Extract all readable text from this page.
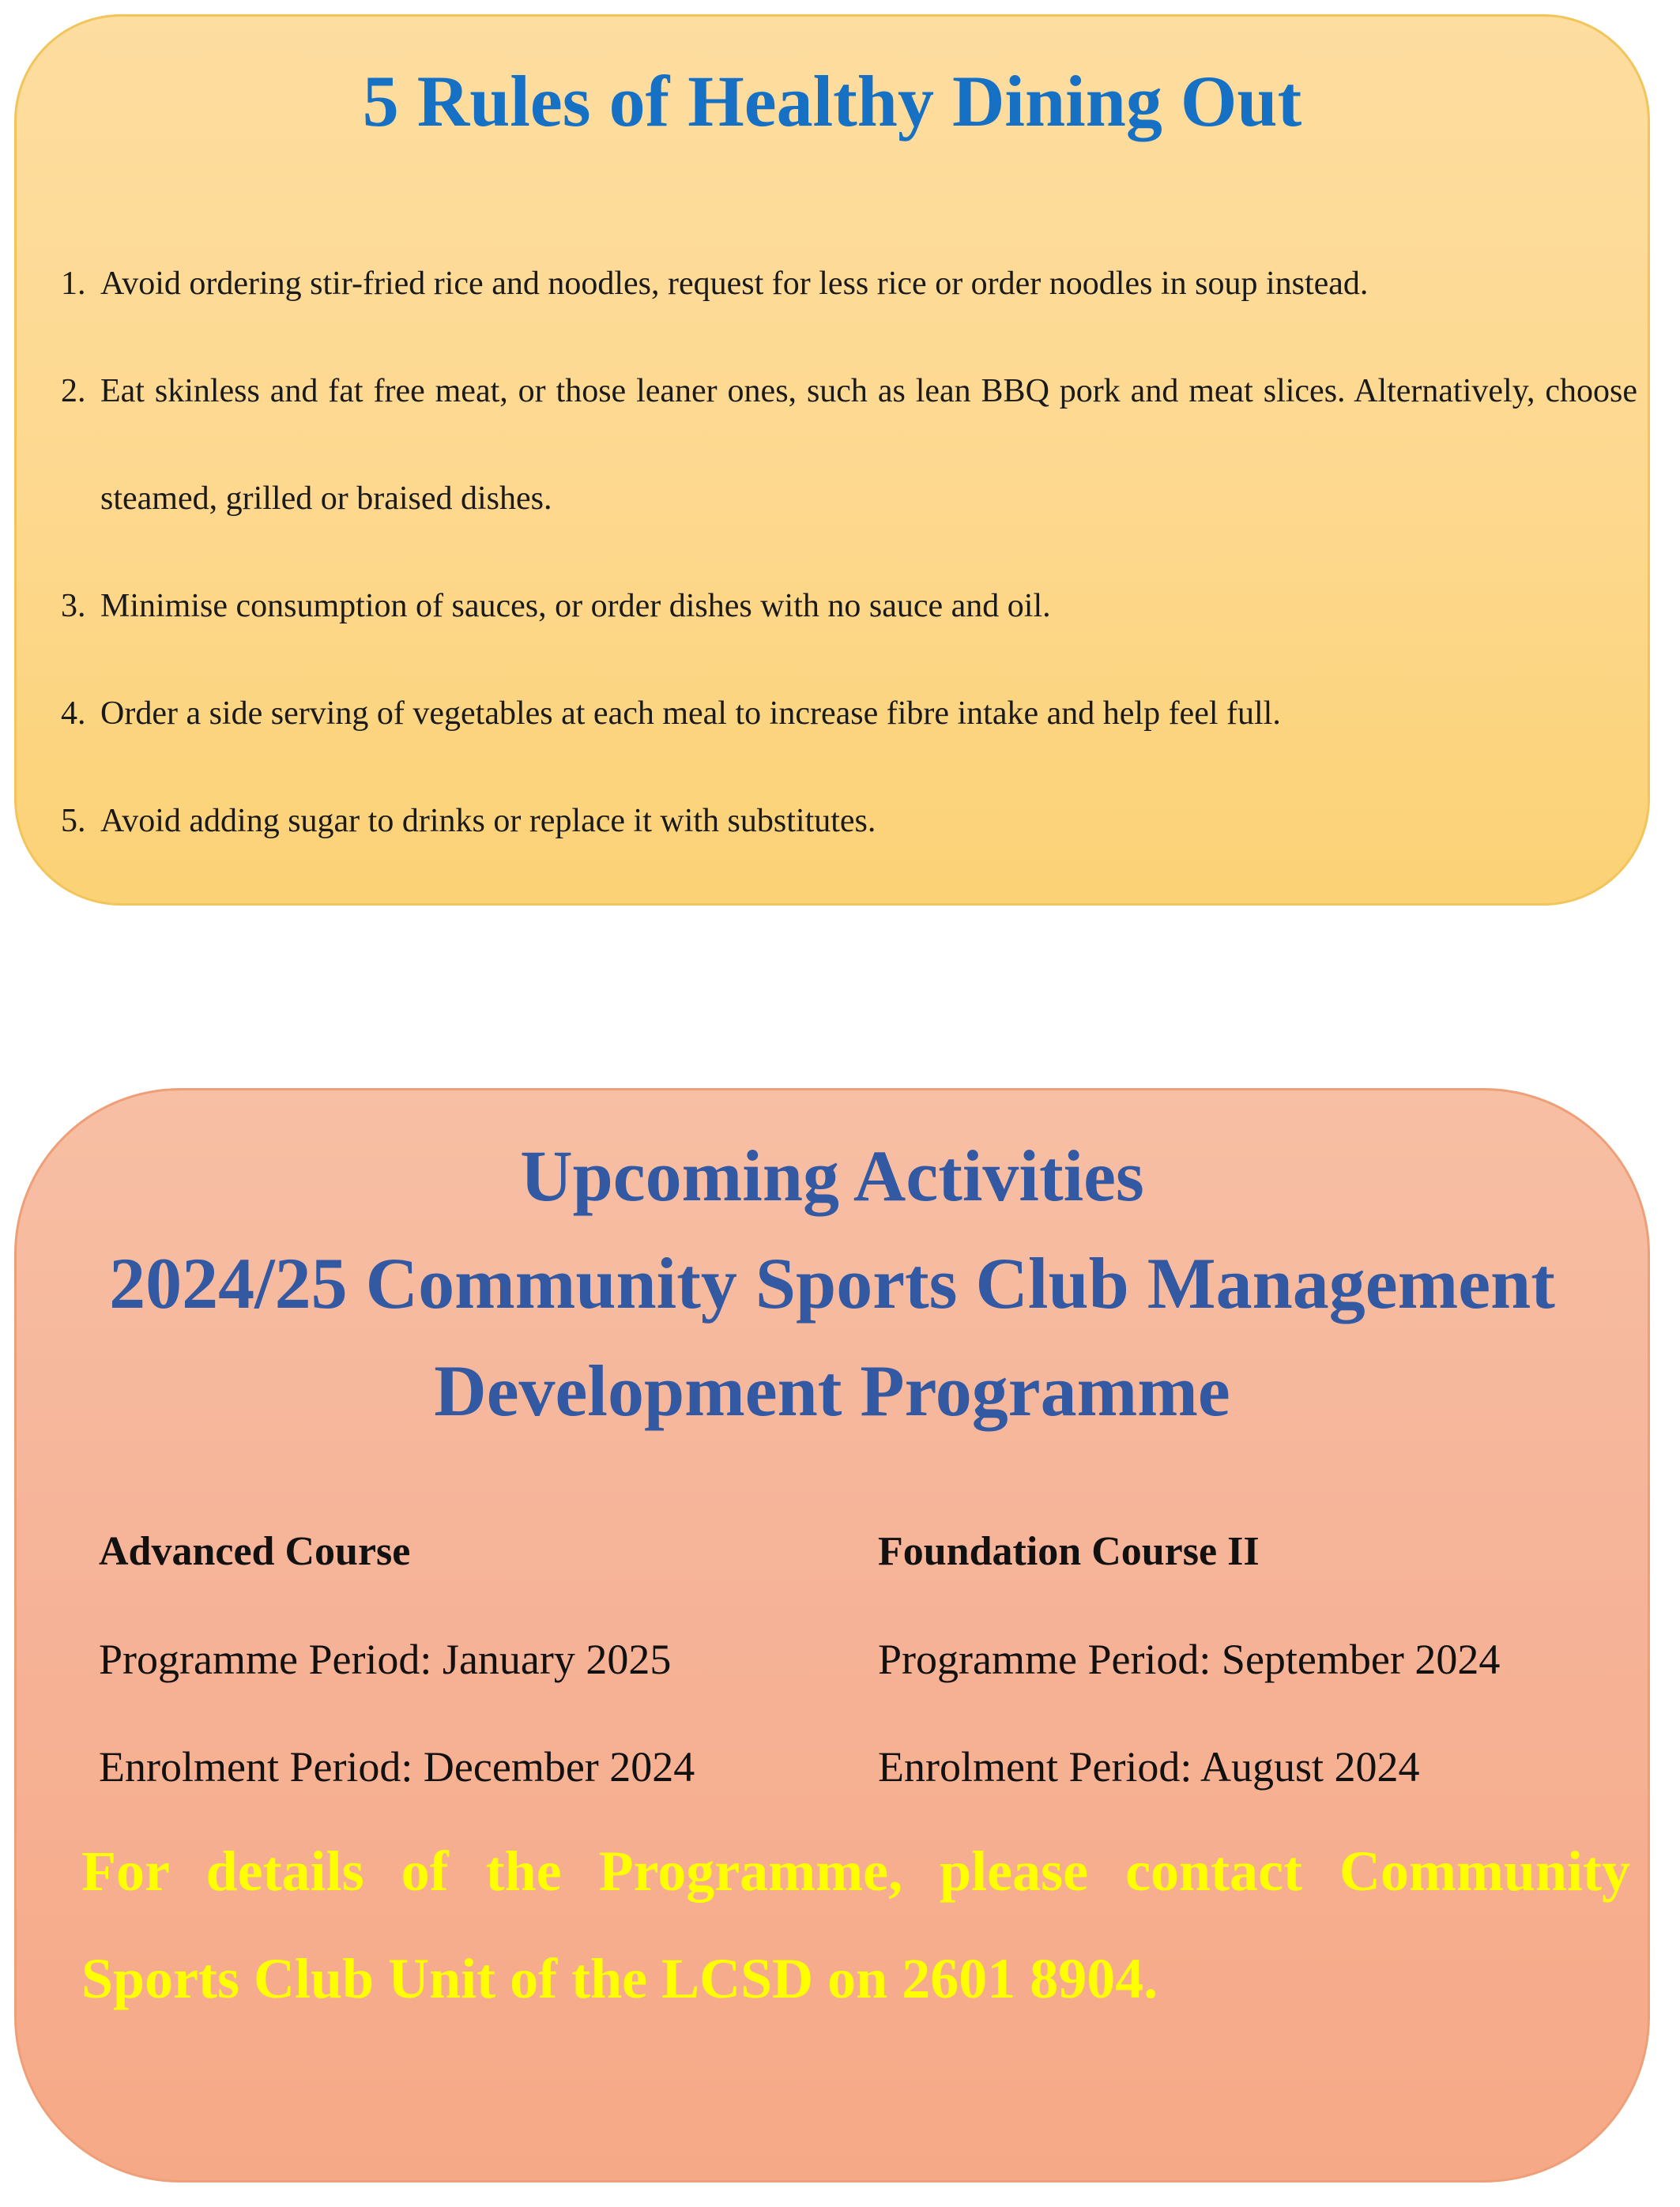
5 Rules of Healthy Dining Out
1. Avoid ordering stir-fried rice and noodles, request for less rice or order noodles in soup instead.
2. Eat skinless and fat free meat, or those leaner ones, such as lean BBQ pork and meat slices. Alternatively, choose steamed, grilled or braised dishes.
3. Minimise consumption of sauces, or order dishes with no sauce and oil.
4. Order a side serving of vegetables at each meal to increase fibre intake and help feel full.
5. Avoid adding sugar to drinks or replace it with substitutes.
Upcoming Activities
2024/25 Community Sports Club Management
Development Programme

Advanced Course

Programme Period: January 2025

Enrolment Period: December 2024

Foundation Course II

Programme Period: September 2024

Enrolment Period: August 2024

For details of the Programme, please contact Community Sports Club Unit of the LCSD on 2601 8904.
